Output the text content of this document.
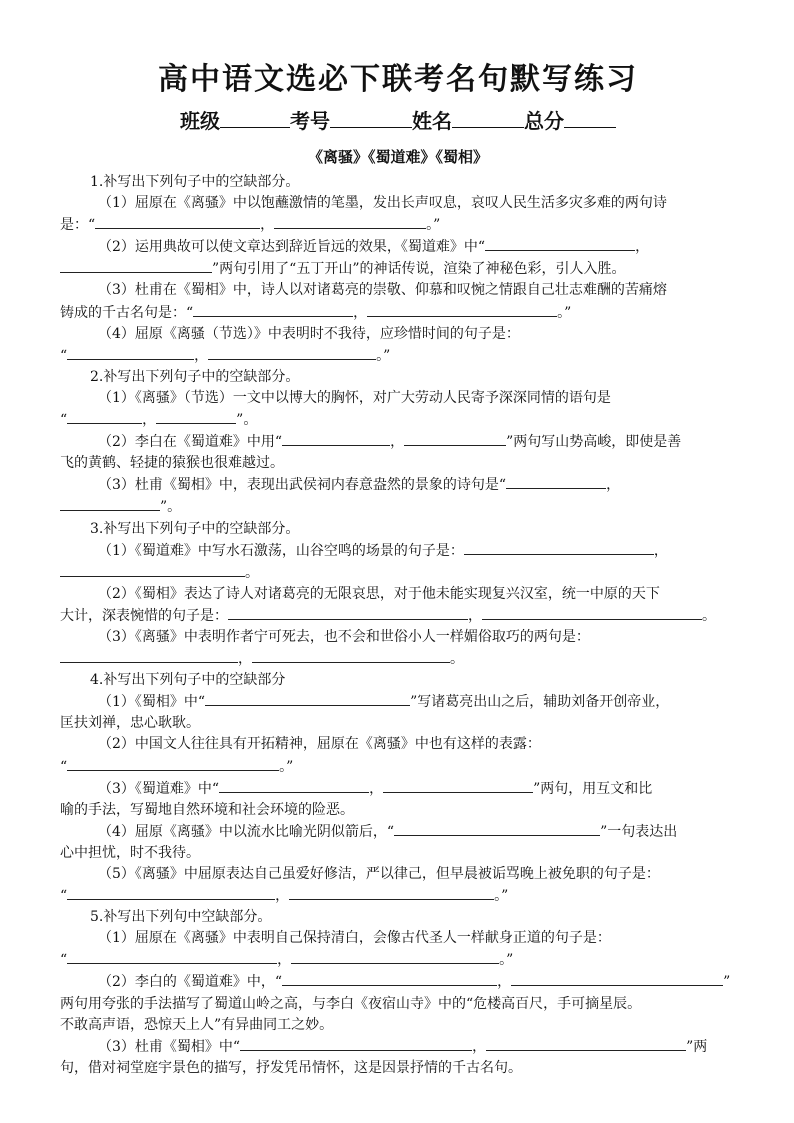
高中语文选必下联考名句默写练习
班级	考号	姓名	总分
《离骚》《蜀道难》《蜀相》
1.补写出下列句子中的空缺部分。
（1）屈原在《离骚》中以饱蘸激情的笔墨，发出长声叹息，哀叹人民生活多灾多难的两句诗
是：“	，	。”
（2）运用典故可以使文章达到辞近旨远的效果，《蜀道难》中“	，
”两句引用了“五丁开山”的神话传说，渲染了神秘色彩，引人入胜。
（3）杜甫在《蜀相》中，诗人以对诸葛亮的崇敬、仰慕和叹惋之情跟自己壮志难酬的苦痛熔
铸成的千古名句是：“	，	。”
（4）屈原《离骚（节选）》中表明时不我待，应珍惜时间的句子是：
“	，	。”
2.补写出下列句子中的空缺部分。
（1）《离骚》（节选）一文中以博大的胸怀，对广大劳动人民寄予深深同情的语句是
“	，	”。
（2）李白在《蜀道难》中用“	，	”两句写山势高峻，即使是善
飞的黄鹤、轻捷的猿猴也很难越过。
（3）杜甫《蜀相》中，表现出武侯祠内春意盎然的景象的诗句是“	，
”。
3.补写出下列句子中的空缺部分。
（1）《蜀道难》中写水石激荡，山谷空鸣的场景的句子是：	，
。
（2）《蜀相》表达了诗人对诸葛亮的无限哀思，对于他未能实现复兴汉室，统一中原的天下
大计，深表惋惜的句子是：	，	。
（3）《离骚》中表明作者宁可死去，也不会和世俗小人一样媚俗取巧的两句是：
，	。
4.补写出下列句子中的空缺部分
（1）《蜀相》中“	”写诸葛亮出山之后，辅助刘备开创帝业，
匡扶刘禅，忠心耿耿。
（2）中国文人往往具有开拓精神，屈原在《离骚》中也有这样的表露：
“	。”
（3）《蜀道难》中“	，	”两句，用互文和比
喻的手法，写蜀地自然环境和社会环境的险恶。
（4）屈原《离骚》中以流水比喻光阴似箭后，“	”一句表达出
心中担忧，时不我待。
（5）《离骚》中屈原表达自己虽爱好修洁，严以律己，但早晨被诟骂晚上被免职的句子是：
“	，	。”
5.补写出下列句中空缺部分。
（1）屈原在《离骚》中表明自己保持清白，会像古代圣人一样献身正道的句子是：
“	，	。”
（2）李白的《蜀道难》中，“	，	”
两句用夸张的手法描写了蜀道山岭之高，与李白《夜宿山寺》中的“危楼高百尺，手可摘星辰。
不敢高声语，恐惊天上人”有异曲同工之妙。
（3）杜甫《蜀相》中“	，	”两
句，借对祠堂庭宇景色的描写，抒发凭吊情怀，这是因景抒情的千古名句。
